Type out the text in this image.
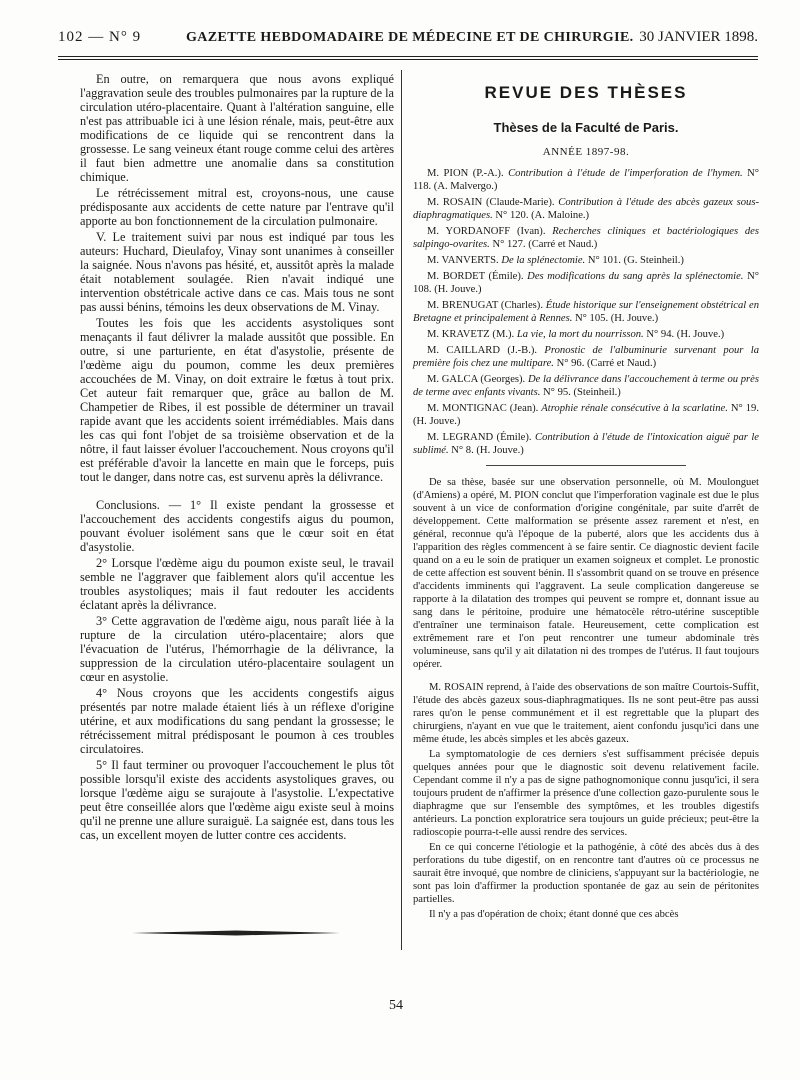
102 — N° 9	GAZETTE HEBDOMADAIRE DE MÉDECINE ET DE CHIRURGIE. 30 JANVIER 1898.

En outre, on remarquera que nous avons expliqué l'aggravation seule des troubles pulmonaires par la rupture de la circulation utéro-placentaire. Quant à l'altération sanguine, elle n'est pas attribuable ici à une lésion rénale, mais, peut-être aux modifications de ce liquide qui se rencontrent dans la grossesse. Le sang veineux étant rouge comme celui des artères il faut bien admettre une anomalie dans sa constitution chimique.

Le rétrécissement mitral est, croyons-nous, une cause prédisposante aux accidents de cette nature par l'entrave qu'il apporte au bon fonctionnement de la circulation pulmonaire.

V. Le traitement suivi par nous est indiqué par tous les auteurs: Huchard, Dieulafoy, Vinay sont unanimes à conseiller la saignée. Nous n'avons pas hésité, et, aussitôt après la malade était notablement soulagée. Rien n'avait indiqué une intervention obstétricale active dans ce cas. Mais tous ne sont pas aussi bénins, témoins les deux observations de M. Vinay.

Toutes les fois que les accidents asystoliques sont menaçants il faut délivrer la malade aussitôt que possible. En outre, si une parturiente, en état d'asystolie, présente de l'œdème aigu du poumon, comme les deux premières accouchées de M. Vinay, on doit extraire le fœtus à tout prix. Cet auteur fait remarquer que, grâce au ballon de M. Champetier de Ribes, il est possible de déterminer un travail rapide avant que les accidents soient irrémédiables. Mais dans les cas qui font l'objet de sa troisième observation et de la nôtre, il faut laisser évoluer l'accouchement. Nous croyons qu'il est préférable d'avoir la lancette en main que le forceps, puis tout le danger, dans notre cas, est survenu après la délivrance.

Conclusions. — 1° Il existe pendant la grossesse et l'accouchement des accidents congestifs aigus du poumon, pouvant évoluer isolément sans que le cœur soit en état d'asystolie.

2° Lorsque l'œdème aigu du poumon existe seul, le travail semble ne l'aggraver que faiblement alors qu'il accentue les troubles asystoliques; mais il faut redouter les accidents éclatant après la délivrance.

3° Cette aggravation de l'œdème aigu, nous paraît liée à la rupture de la circulation utéro-placentaire; alors que l'évacuation de l'utérus, l'hémorrhagie de la délivrance, la suppression de la circulation utéro-placentaire soulagent un cœur en asystolie.

4° Nous croyons que les accidents congestifs aigus présentés par notre malade étaient liés à un réflexe d'origine utérine, et aux modifications du sang pendant la grossesse; le rétrécissement mitral prédisposant le poumon à ces troubles circulatoires.

5° Il faut terminer ou provoquer l'accouchement le plus tôt possible lorsqu'il existe des accidents asystoliques graves, ou lorsque l'œdème aigu se surajoute à l'asystolie. L'expectative peut être conseillée alors que l'œdème aigu existe seul à moins qu'il ne prenne une allure suraiguë. La saignée est, dans tous les cas, un excellent moyen de lutter contre ces accidents.

REVUE DES THÈSES
Thèses de la Faculté de Paris.
ANNÉE 1897-98.
M. PION (P.-A.). Contribution à l'étude de l'imperforation de l'hymen. N° 118. (A. Malvergo.)
M. ROSAIN (Claude-Marie). Contribution à l'étude des abcès gazeux sous-diaphragmatiques. N° 120. (A. Maloine.)
M. YORDANOFF (Ivan). Recherches cliniques et bactériologiques des salpingo-ovarites. N° 127. (Carré et Naud.)
M. VANVERTS. De la splénectomie. N° 101. (G. Steinheil.)
M. BORDET (Émile). Des modifications du sang après la splénectomie. N° 108. (H. Jouve.)
M. BRENUGAT (Charles). Étude historique sur l'enseignement obstétrical en Bretagne et principalement à Rennes. N° 105. (H. Jouve.)
M. KRAVETZ (M.). La vie, la mort du nourrisson. N° 94. (H. Jouve.)
M. CAILLARD (J.-B.). Pronostic de l'albuminurie survenant pour la première fois chez une multipare. N° 96. (Carré et Naud.)
M. GALCA (Georges). De la délivrance dans l'accouchement à terme ou près de terme avec enfants vivants. N° 95. (Steinheil.)
M. MONTIGNAC (Jean). Atrophie rénale consécutive à la scarlatine. N° 19. (H. Jouve.)
M. LEGRAND (Émile). Contribution à l'étude de l'intoxication aiguë par le sublimé. N° 8. (H. Jouve.)

De sa thèse, basée sur une observation personnelle, où M. Moulonguet (d'Amiens) a opéré, M. PION conclut que l'imperforation vaginale est due le plus souvent à un vice de conformation d'origine congénitale, par suite d'arrêt de développement. Cette malformation se présente assez rarement et n'est, en général, reconnue qu'à l'époque de la puberté, alors que les accidents dus à l'apparition des règles commencent à se faire sentir. Ce diagnostic devient facile quand on a eu le soin de pratiquer un examen soigneux et complet. Le pronostic de cette affection est souvent bénin. Il s'assombrit quand on se trouve en présence d'accidents imminents qui l'aggravent. La seule complication dangereuse se rapporte à la dilatation des trompes qui peuvent se rompre et, donnant issue au sang dans le péritoine, produire une hématocèle rétro-utérine susceptible d'entraîner une terminaison fatale. Heureusement, cette complication est extrêmement rare et l'on peut rencontrer une tumeur abdominale très volumineuse, sans qu'il y ait dilatation ni des trompes de l'utérus. Il faut toujours opérer.

M. ROSAIN reprend, à l'aide des observations de son maître Courtois-Suffit, l'étude des abcès gazeux sous-diaphragmatiques. Ils ne sont peut-être pas aussi rares qu'on le pense communément et il est regrettable que la plupart des chirurgiens, n'ayant en vue que le traitement, aient confondu jusqu'ici dans une même étude, les abcès simples et les abcès gazeux.

La symptomatologie de ces derniers s'est suffisamment précisée depuis quelques années pour que le diagnostic soit devenu relativement facile. Cependant comme il n'y a pas de signe pathognomonique connu jusqu'ici, il sera toujours prudent de n'affirmer la présence d'une collection gazo-purulente sous le diaphragme que sur l'ensemble des symptômes, et les troubles digestifs antérieurs. La ponction exploratrice sera toujours un guide précieux; peut-être la radioscopie pourra-t-elle aussi rendre des services.

En ce qui concerne l'étiologie et la pathogénie, à côté des abcès dus à des perforations du tube digestif, on en rencontre tant d'autres où ce processus ne saurait être invoqué, que nombre de cliniciens, s'appuyant sur la bactériologie, ne sont pas loin d'affirmer la production spontanée de gaz au sein de péritonites partielles.

Il n'y a pas d'opération de choix; étant donné que ces abcès

54
